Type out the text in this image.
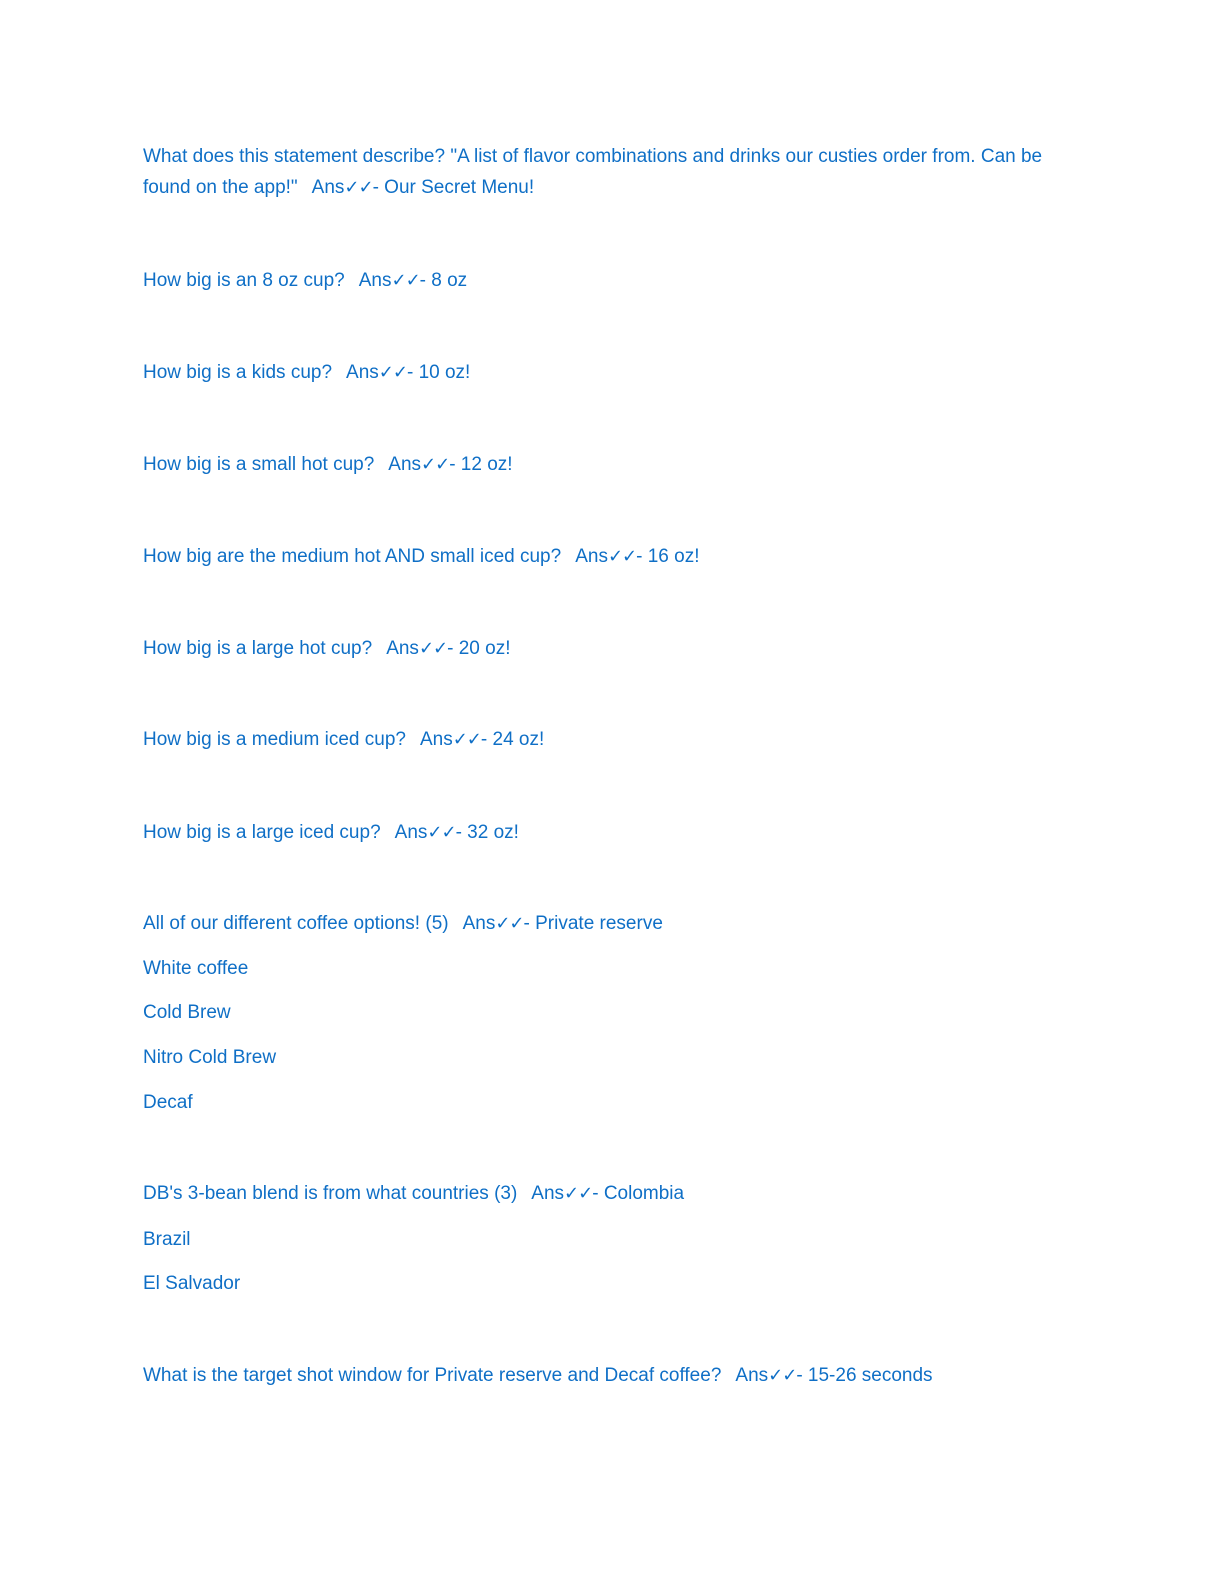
What does this statement describe? "A list of flavor combinations and drinks our custies order from. Can be found on the app!" Ans✓✓- Our Secret Menu!
How big is an 8 oz cup? Ans✓✓- 8 oz
How big is a kids cup? Ans✓✓- 10 oz!
How big is a small hot cup? Ans✓✓- 12 oz!
How big are the medium hot AND small iced cup? Ans✓✓- 16 oz!
How big is a large hot cup? Ans✓✓- 20 oz!
How big is a medium iced cup? Ans✓✓- 24 oz!
How big is a large iced cup? Ans✓✓- 32 oz!
All of our different coffee options! (5) Ans✓✓- Private reserve
White coffee
Cold Brew
Nitro Cold Brew
Decaf
DB's 3-bean blend is from what countries (3) Ans✓✓- Colombia
Brazil
El Salvador
What is the target shot window for Private reserve and Decaf coffee? Ans✓✓- 15-26 seconds
